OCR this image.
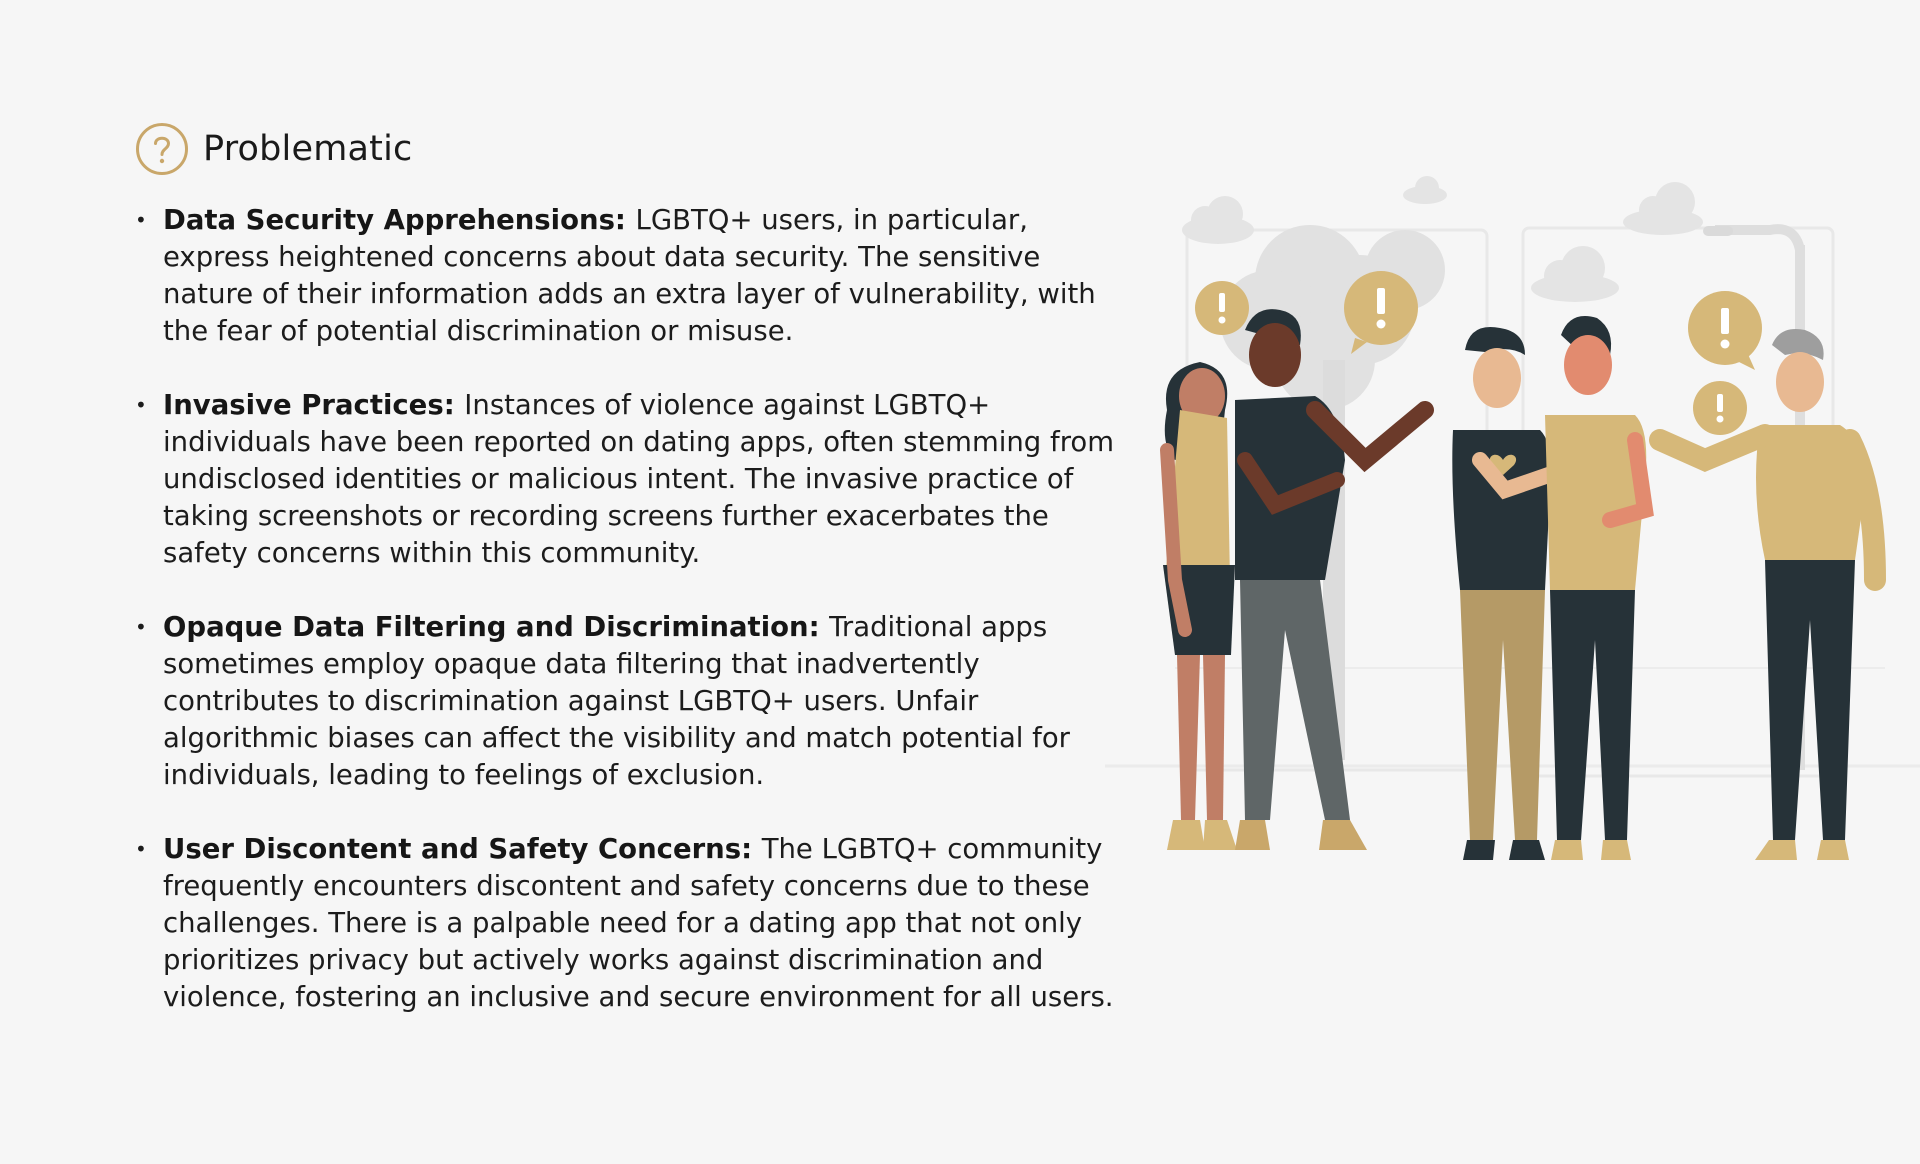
Problematic
• Data Security Apprehensions: LGBTQ+ users, in particular, express heightened concerns about data security. The sensitive nature of their information adds an extra layer of vulnerability, with the fear of potential discrimination or misuse.
• Invasive Practices: Instances of violence against LGBTQ+ individuals have been reported on dating apps, often stemming from undisclosed identities or malicious intent. The invasive practice of taking screenshots or recording screens further exacerbates the safety concerns within this community.
• Opaque Data Filtering and Discrimination: Traditional apps sometimes employ opaque data filtering that inadvertently contributes to discrimination against LGBTQ+ users. Unfair algorithmic biases can affect the visibility and match potential for individuals, leading to feelings of exclusion.
• User Discontent and Safety Concerns: The LGBTQ+ community frequently encounters discontent and safety concerns due to these challenges. There is a palpable need for a dating app that not only prioritizes privacy but actively works against discrimination and violence, fostering an inclusive and secure environment for all users.
